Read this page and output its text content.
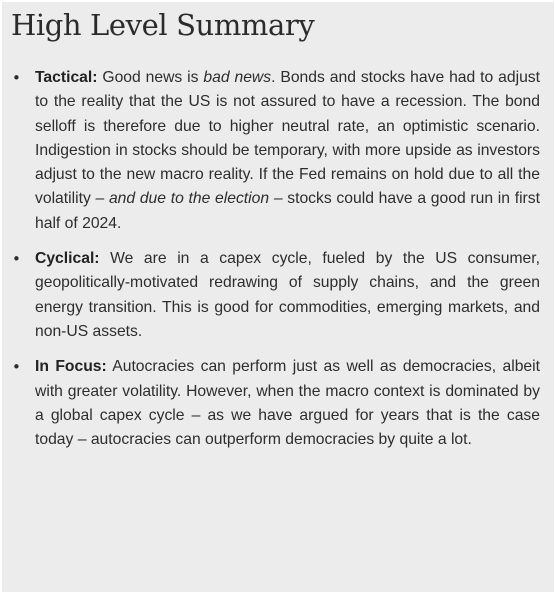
High Level Summary
• Tactical: Good news is bad news. Bonds and stocks have had to adjust to the reality that the US is not assured to have a recession. The bond selloff is therefore due to higher neutral rate, an optimistic scenario. Indigestion in stocks should be temporary, with more upside as investors adjust to the new macro reality. If the Fed remains on hold due to all the volatility – and due to the election – stocks could have a good run in first half of 2024.
• Cyclical: We are in a capex cycle, fueled by the US consumer, geopolitically-motivated redrawing of supply chains, and the green energy transition. This is good for commodities, emerging markets, and non-US assets.
• In Focus: Autocracies can perform just as well as democracies, albeit with greater volatility. However, when the macro context is dominated by a global capex cycle – as we have argued for years that is the case today – autocracies can outperform democracies by quite a lot.
